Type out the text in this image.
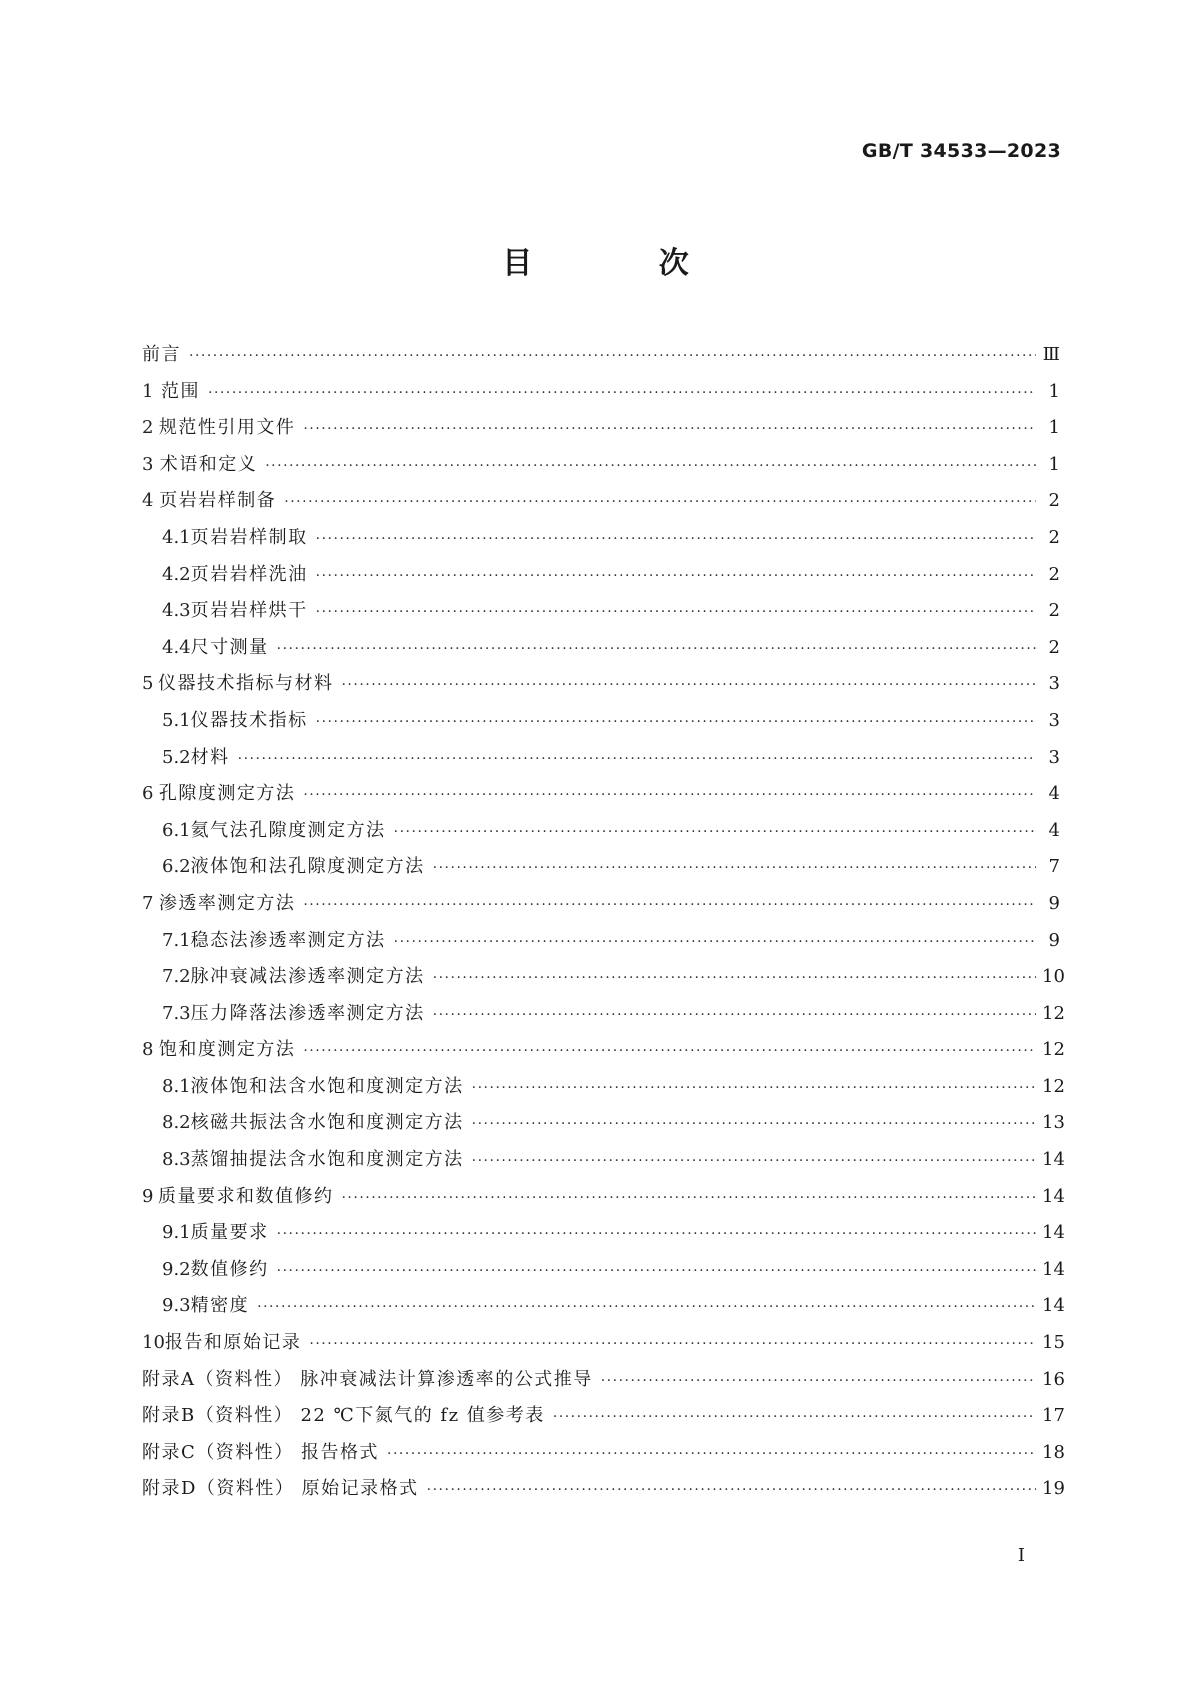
GB/T 34533—2023
目 次
前言 ·····	Ⅲ
1 范围 ·····	1
2 规范性引用文件 ·····	1
3 术语和定义 ·····	1
4 页岩岩样制备 ·····	2
4.1 页岩岩样制取 ·····	2
4.2 页岩岩样洗油 ·····	2
4.3 页岩岩样烘干 ·····	2
4.4 尺寸测量 ·····	2
5 仪器技术指标与材料 ·····	3
5.1 仪器技术指标 ·····	3
5.2 材料 ·····	3
6 孔隙度测定方法 ·····	4
6.1 氦气法孔隙度测定方法 ·····	4
6.2 液体饱和法孔隙度测定方法 ·····	7
7 渗透率测定方法 ·····	9
7.1 稳态法渗透率测定方法 ·····	9
7.2 脉冲衰减法渗透率测定方法 ·····	10
7.3 压力降落法渗透率测定方法 ·····	12
8 饱和度测定方法 ·····	12
8.1 液体饱和法含水饱和度测定方法 ·····	12
8.2 核磁共振法含水饱和度测定方法 ·····	13
8.3 蒸馏抽提法含水饱和度测定方法 ·····	14
9 质量要求和数值修约 ·····	14
9.1 质量要求 ·····	14
9.2 数值修约 ·····	14
9.3 精密度 ·····	14
10 报告和原始记录 ·····	15
附录A（资料性） 脉冲衰减法计算渗透率的公式推导 ·····	16
附录B（资料性） 22 ℃下氮气的 fz 值参考表 ·····	17
附录C（资料性） 报告格式 ·····	18
附录D（资料性） 原始记录格式 ·····	19
I
